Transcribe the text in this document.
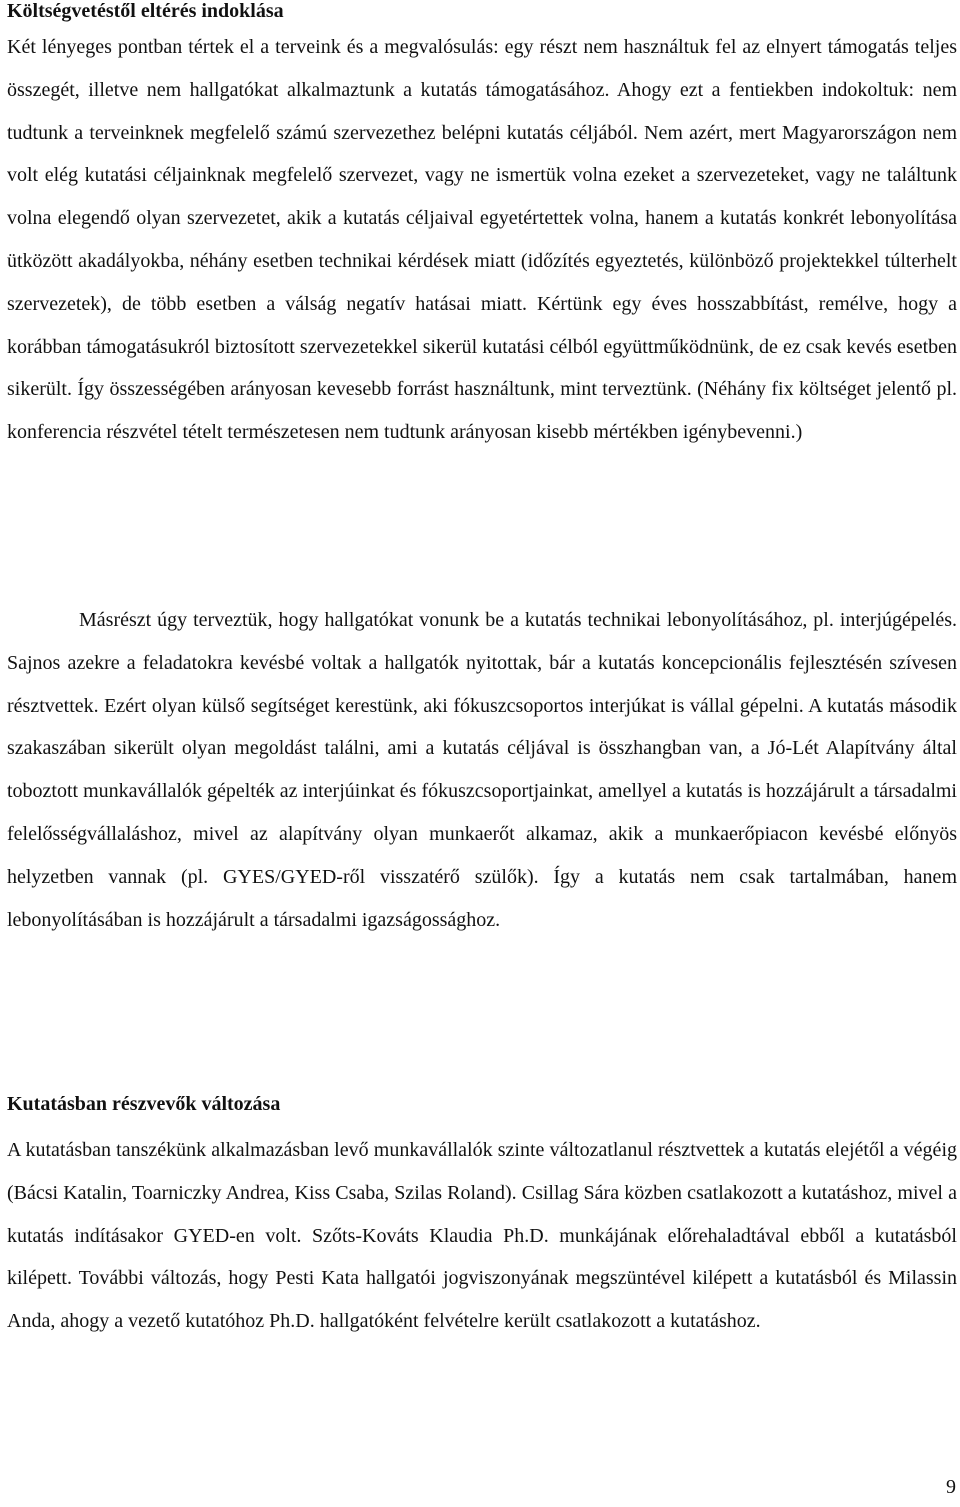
Költségvetéstől eltérés indoklása

Két lényeges pontban tértek el a terveink és a megvalósulás: egy részt nem használtuk fel az elnyert támogatás teljes összegét, illetve nem hallgatókat alkalmaztunk a kutatás támogatásához. Ahogy ezt a fentiekben indokoltuk: nem tudtunk a terveinknek megfelelő számú szervezethez belépni kutatás céljából. Nem azért, mert Magyarországon nem volt elég kutatási céljainknak megfelelő szervezet, vagy ne ismertük volna ezeket a szervezeteket, vagy ne találtunk volna elegendő olyan szervezetet, akik a kutatás céljaival egyetértettek volna, hanem a kutatás konkrét lebonyolítása ütközött akadályokba, néhány esetben technikai kérdések miatt (időzítés egyeztetés, különböző projektekkel túlterhelt szervezetek), de több esetben a válság negatív hatásai miatt. Kértünk egy éves hosszabbítást, remélve, hogy a korábban támogatásukról biztosított szervezetekkel sikerül kutatási célból együttműködnünk, de ez csak kevés esetben sikerült. Így összességében arányosan kevesebb forrást használtunk, mint terveztünk. (Néhány fix költséget jelentő pl. konferencia részvétel tételt természetesen nem tudtunk arányosan kisebb mértékben igénybevenni.)

Másrészt úgy terveztük, hogy hallgatókat vonunk be a kutatás technikai lebonyolításához, pl. interjúgépelés. Sajnos azekre a feladatokra kevésbé voltak a hallgatók nyitottak, bár a kutatás koncepcionális fejlesztésén szívesen résztvettek. Ezért olyan külső segítséget kerestünk, aki fókuszcsoportos interjúkat is vállal gépelni. A kutatás második szakaszában sikerült olyan megoldást találni, ami a kutatás céljával is összhangban van, a Jó-Lét Alapítvány által toboztott munkavállalók gépelték az interjúinkat és fókuszcsoportjainkat, amellyel a kutatás is hozzájárult a társadalmi felelősségvállaláshoz, mivel az alapítvány olyan munkaerőt alkamaz, akik a munkaerőpiacon kevésbé előnyös helyzetben vannak (pl. GYES/GYED-ről visszatérő szülők). Így a kutatás nem csak tartalmában, hanem lebonyolításában is hozzájárult a társadalmi igazságossághoz.

Kutatásban részvevők változása

A kutatásban tanszékünk alkalmazásban levő munkavállalók szinte változatlanul résztvettek a kutatás elejétől a végéig (Bácsi Katalin, Toarniczky Andrea, Kiss Csaba, Szilas Roland). Csillag Sára közben csatlakozott a kutatáshoz, mivel a kutatás indításakor GYED-en volt. Szőts-Kováts Klaudia Ph.D. munkájának előrehaladtával ebből a kutatásból kilépett. További változás, hogy Pesti Kata hallgatói jogviszonyának megszüntével kilépett a kutatásból és Milassin Anda, ahogy a vezető kutatóhoz Ph.D. hallgatóként felvételre került csatlakozott a kutatáshoz.

9
